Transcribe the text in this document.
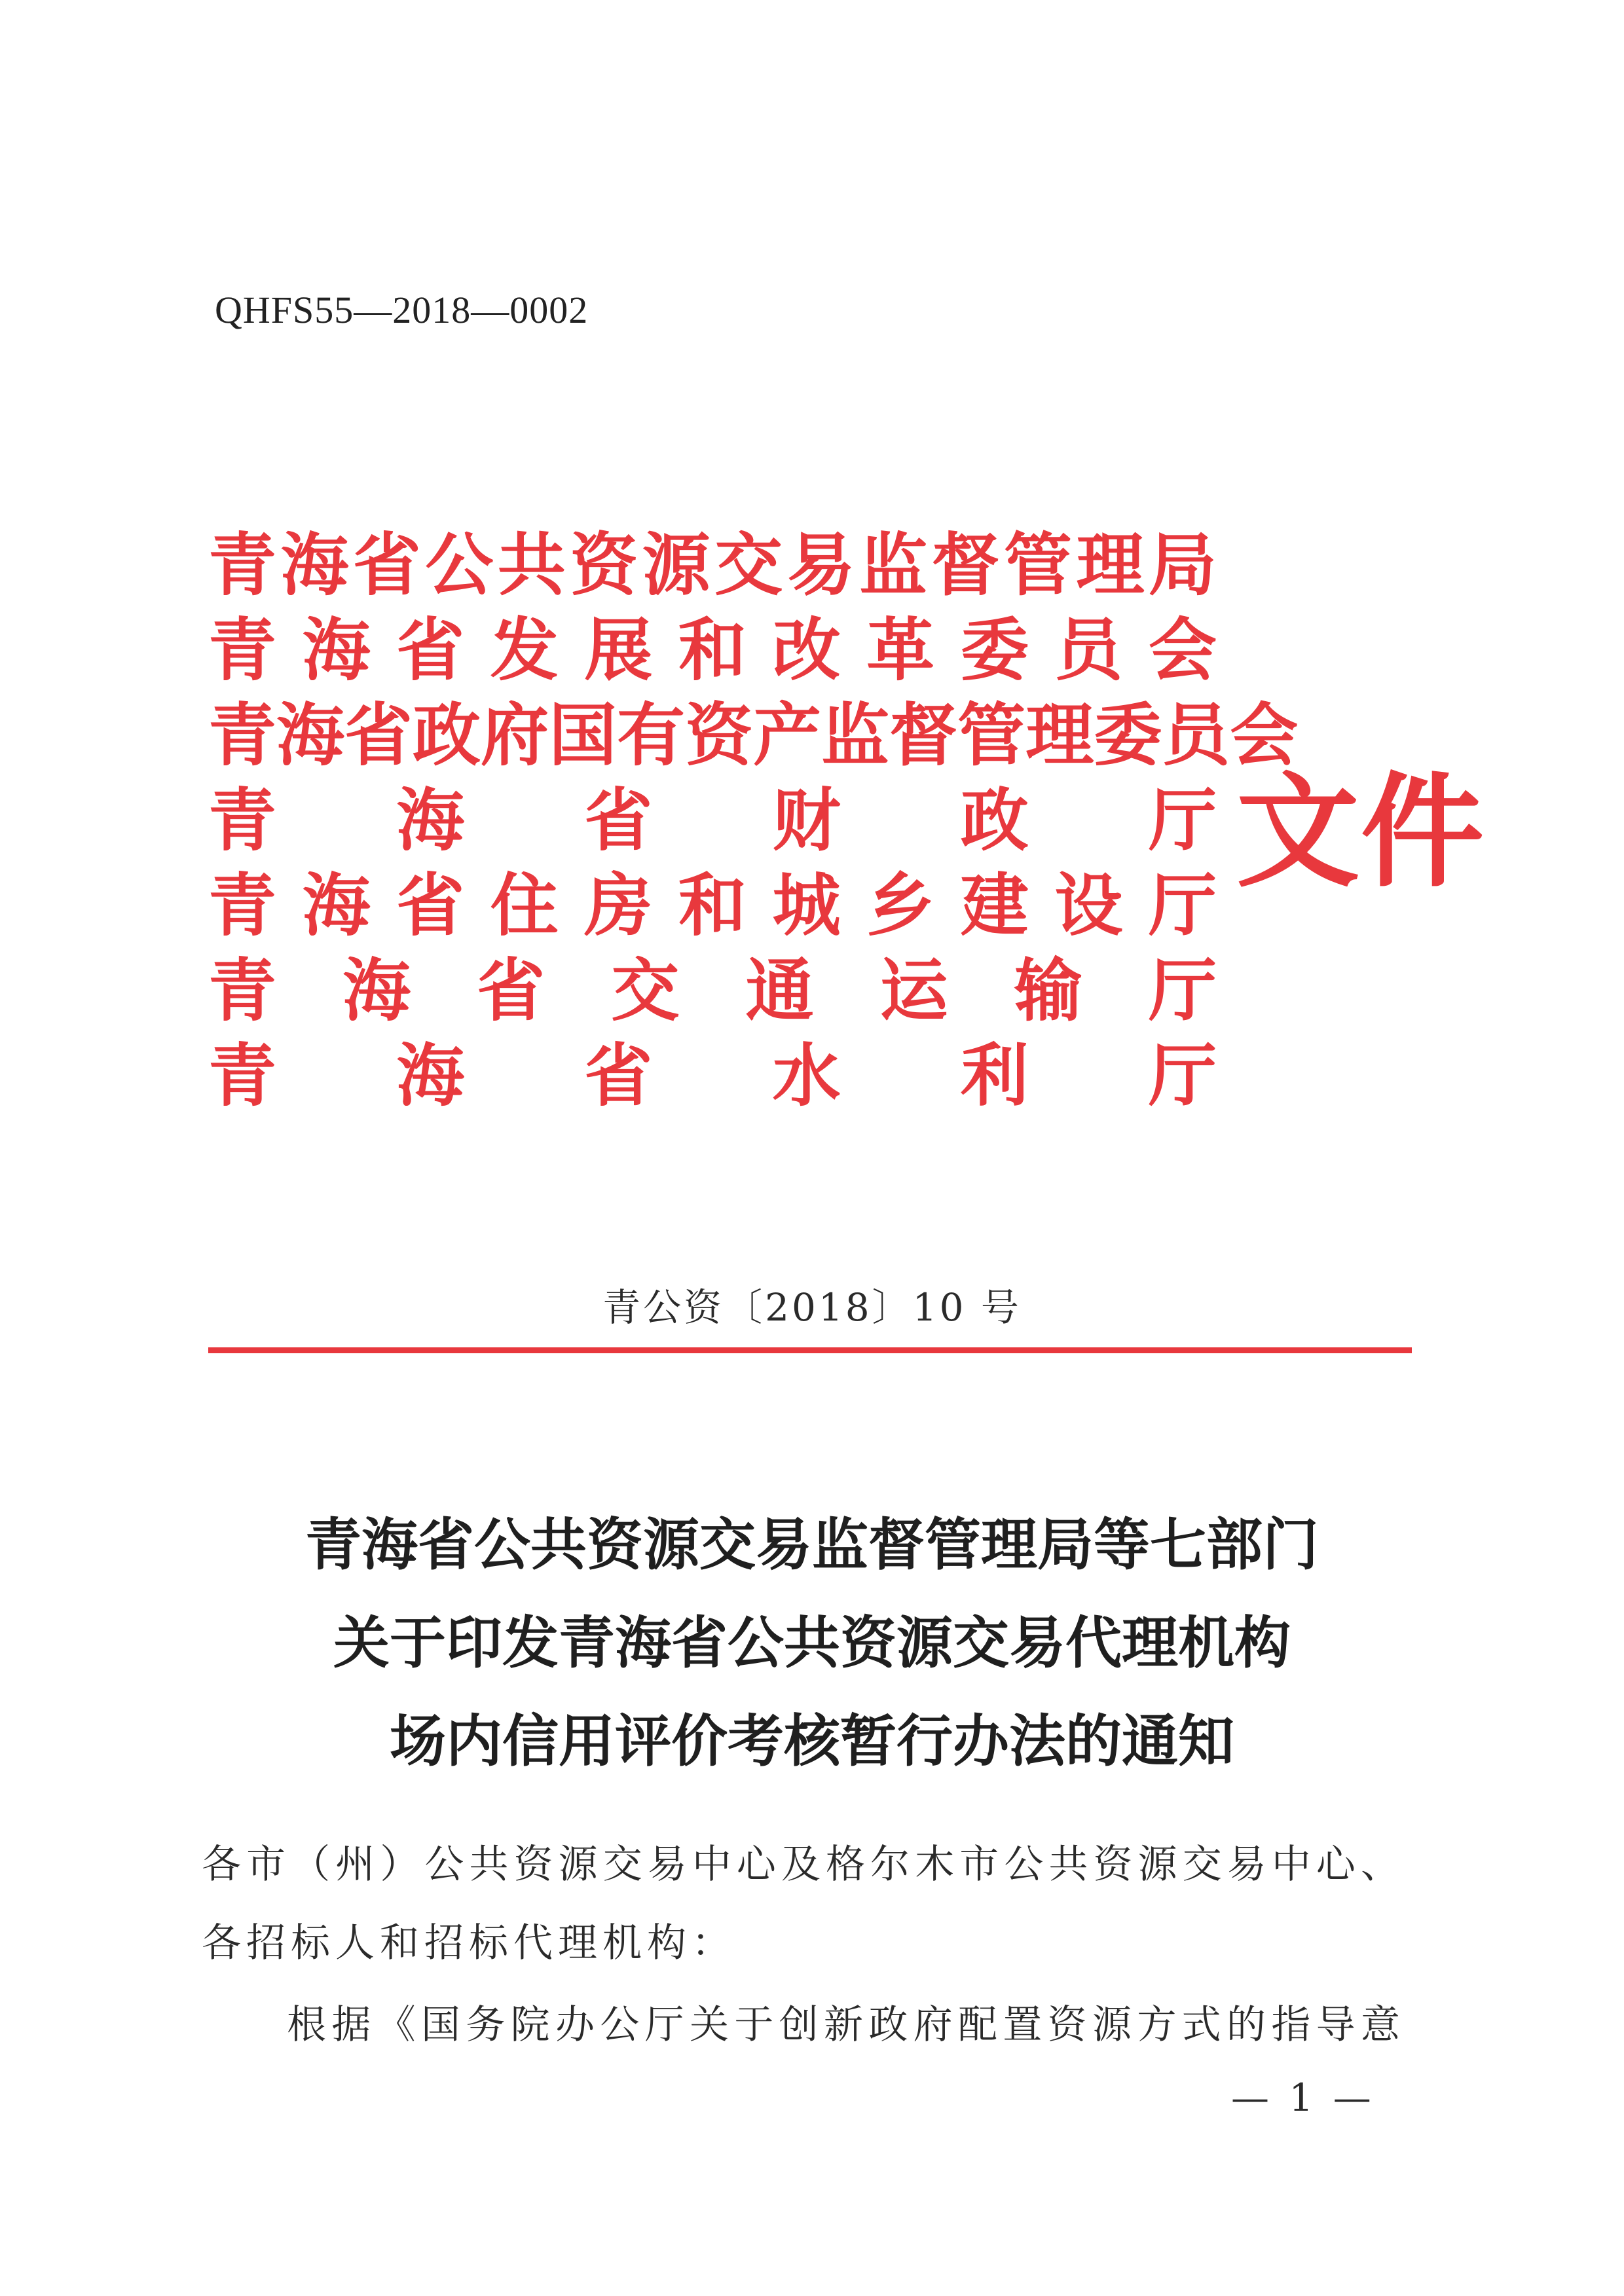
QHFS55—2018—0002
青 海 省 公 共 资 源 交 易 监 督 管 理 局
青 海 省 发 展 和 改 革 委 员 会
青 海 省 政 府 国 有 资 产 监 督 管 理 委 员 会
青 海 省 财 政 厅
青 海 省 住 房 和 城 乡 建 设 厅
青 海 省 交 通 运 输 厅
青 海 省 水 利 厅
文件
青公资〔2018〕10 号
青海省公共资源交易监督管理局等七部门
关于印发青海省公共资源交易代理机构
场内信用评价考核暂行办法的通知
各市（州）公共资源交易中心及格尔木市公共资源交易中心、
各招标人和招标代理机构：
根据《国务院办公厅关于创新政府配置资源方式的指导意
— 1 —
